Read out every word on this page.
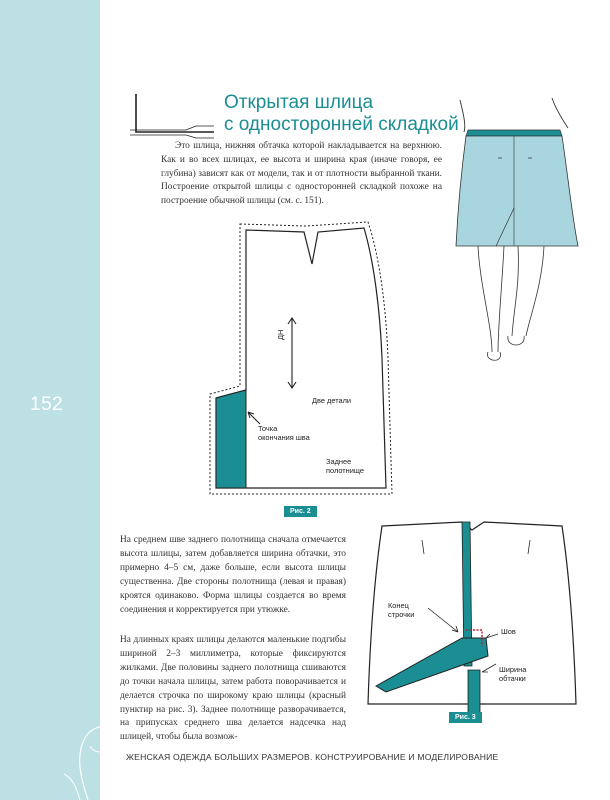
152
Открытая шлица
с односторонней складкой

Это шлица, нижняя обтачка которой накладывается на верхнюю. Как и во всех шлицах, ее высота и ширина края (иначе говоря, ее глубина) зависят как от модели, так и от плотности выбранной ткани. Построение открытой шлицы с односторонней складкой похоже на построение обычной шлицы (см. с. 151).

ДН
Две детали
Точка
окончания шва
Заднее
полотнище
Рис. 2

На среднем шве заднего полотнища сначала отмечается высота шлицы, затем добавляется ширина обтачки, это примерно 4–5 см, даже больше, если высота шлицы существенна. Две стороны полотнища (левая и правая) кроятся одинаково. Форма шлицы создается во время соединения и корректируется при утюжке.

На длинных краях шлицы делаются маленькие подгибы шириной 2–3 миллиметра, которые фиксируются жилками. Две половины заднего полотнища сшиваются до точки начала шлицы, затем работа поворачивается и делается строчка по широкому краю шлицы (красный пунктир на рис. 3). Заднее полотнище разворачивается, на припусках среднего шва делается надсечка над шлицей, чтобы была возмож-

Конец
строчки
Шов
Ширина
обтачки
Рис. 3
ЖЕНСКАЯ ОДЕЖДА БОЛЬШИХ РАЗМЕРОВ. КОНСТРУИРОВАНИЕ И МОДЕЛИРОВАНИЕ
